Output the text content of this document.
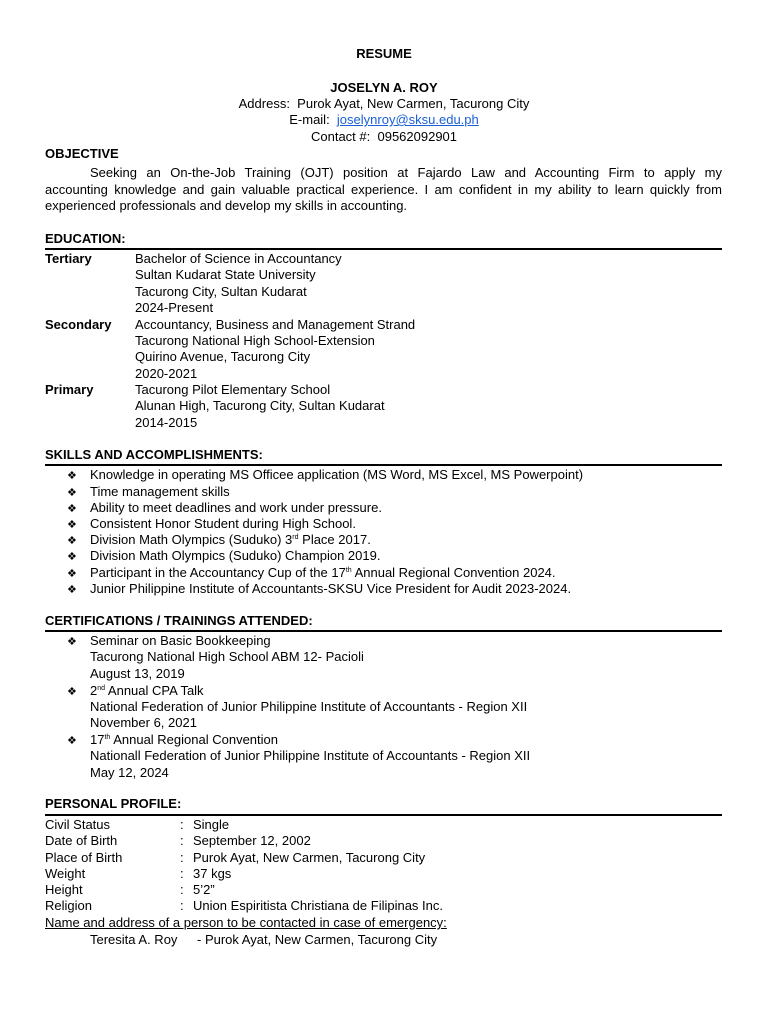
RESUME
JOSELYN A. ROY
Address: Purok Ayat, New Carmen, Tacurong City
E-mail: joselynroy@sksu.edu.ph
Contact #: 09562092901
OBJECTIVE

Seeking an On-the-Job Training (OJT) position at Fajardo Law and Accounting Firm to apply my

accounting knowledge and gain valuable practical experience. I am confident in my ability to learn quickly from

experienced professionals and develop my skills in accounting.

EDUCATION:
Tertiary	Bachelor of Science in Accountancy
Sultan Kudarat State University
Tacurong City, Sultan Kudarat
2024-Present
Secondary Accountancy, Business and Management Strand
Tacurong National High School-Extension
Quirino Avenue, Tacurong City
2020-2021
Primary	Tacurong Pilot Elementary School
Alunan High, Tacurong City, Sultan Kudarat
2014-2015
SKILLS AND ACCOMPLISHMENTS:
❖ Knowledge in operating MS Officee application (MS Word, MS Excel, MS Powerpoint)
❖ Time management skills
❖ Ability to meet deadlines and work under pressure.
❖ Consistent Honor Student during High School.
❖ Division Math Olympics (Suduko) 3rd Place 2017.
❖ Division Math Olympics (Suduko) Champion 2019.
❖ Participant in the Accountancy Cup of the 17th Annual Regional Convention 2024.
❖ Junior Philippine Institute of Accountants-SKSU Vice President for Audit 2023-2024.
CERTIFICATIONS / TRAININGS ATTENDED:
❖ Seminar on Basic Bookkeeping
Tacurong National High School ABM 12- Pacioli
August 13, 2019
❖ 2nd Annual CPA Talk
National Federation of Junior Philippine Institute of Accountants - Region XII
November 6, 2021
❖ 17th Annual Regional Convention
Nationall Federation of Junior Philippine Institute of Accountants - Region XII
May 12, 2024
PERSONAL PROFILE:
Civil Status	: Single
Date of Birth	: September 12, 2002
Place of Birth	: Purok Ayat, New Carmen, Tacurong City
Weight	: 37 kgs
Height	: 5’2”
Religion	: Union Espiritista Christiana de Filipinas Inc.
Name and address of a person to be contacted in case of emergency:
Teresita A. Roy - Purok Ayat, New Carmen, Tacurong City
